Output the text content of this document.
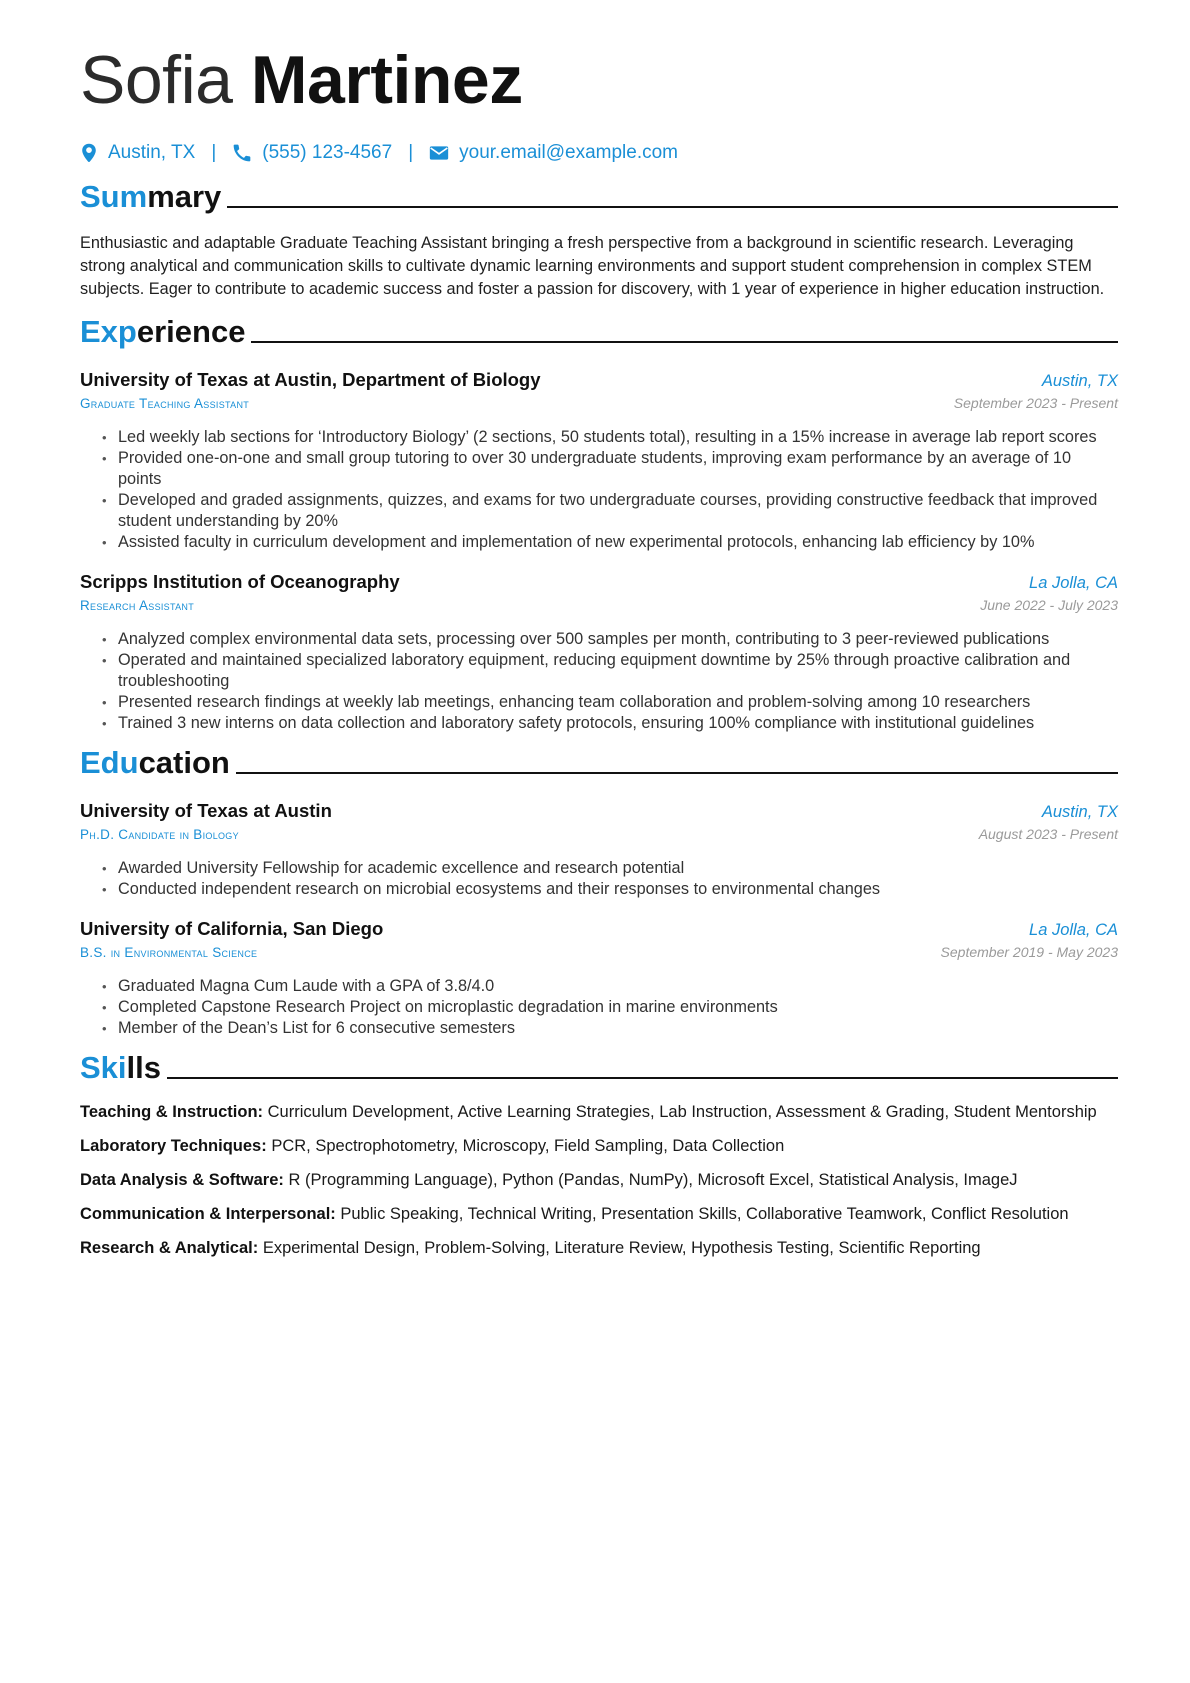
Sofia Martinez
Austin, TX | (555) 123-4567 | your.email@example.com
Summary
Enthusiastic and adaptable Graduate Teaching Assistant bringing a fresh perspective from a background in scientific research. Leveraging strong analytical and communication skills to cultivate dynamic learning environments and support student comprehension in complex STEM subjects. Eager to contribute to academic success and foster a passion for discovery, with 1 year of experience in higher education instruction.
Experience
University of Texas at Austin, Department of Biology	Austin, TX
Graduate Teaching Assistant	September 2023 - Present
• Led weekly lab sections for ‘Introductory Biology’ (2 sections, 50 students total), resulting in a 15% increase in average lab report scores
• Provided one-on-one and small group tutoring to over 30 undergraduate students, improving exam performance by an average of 10 points
• Developed and graded assignments, quizzes, and exams for two undergraduate courses, providing constructive feedback that improved student understanding by 20%
• Assisted faculty in curriculum development and implementation of new experimental protocols, enhancing lab efficiency by 10%
Scripps Institution of Oceanography	La Jolla, CA
Research Assistant	June 2022 - July 2023
• Analyzed complex environmental data sets, processing over 500 samples per month, contributing to 3 peer-reviewed publications
• Operated and maintained specialized laboratory equipment, reducing equipment downtime by 25% through proactive calibration and troubleshooting
• Presented research findings at weekly lab meetings, enhancing team collaboration and problem-solving among 10 researchers
• Trained 3 new interns on data collection and laboratory safety protocols, ensuring 100% compliance with institutional guidelines
Education
University of Texas at Austin	Austin, TX
Ph.D. Candidate in Biology	August 2023 - Present
• Awarded University Fellowship for academic excellence and research potential
• Conducted independent research on microbial ecosystems and their responses to environmental changes
University of California, San Diego	La Jolla, CA
B.S. in Environmental Science	September 2019 - May 2023
• Graduated Magna Cum Laude with a GPA of 3.8/4.0
• Completed Capstone Research Project on microplastic degradation in marine environments
• Member of the Dean’s List for 6 consecutive semesters
Skills
Teaching & Instruction: Curriculum Development, Active Learning Strategies, Lab Instruction, Assessment & Grading, Student Mentorship
Laboratory Techniques: PCR, Spectrophotometry, Microscopy, Field Sampling, Data Collection
Data Analysis & Software: R (Programming Language), Python (Pandas, NumPy), Microsoft Excel, Statistical Analysis, ImageJ
Communication & Interpersonal: Public Speaking, Technical Writing, Presentation Skills, Collaborative Teamwork, Conflict Resolution
Research & Analytical: Experimental Design, Problem-Solving, Literature Review, Hypothesis Testing, Scientific Reporting
